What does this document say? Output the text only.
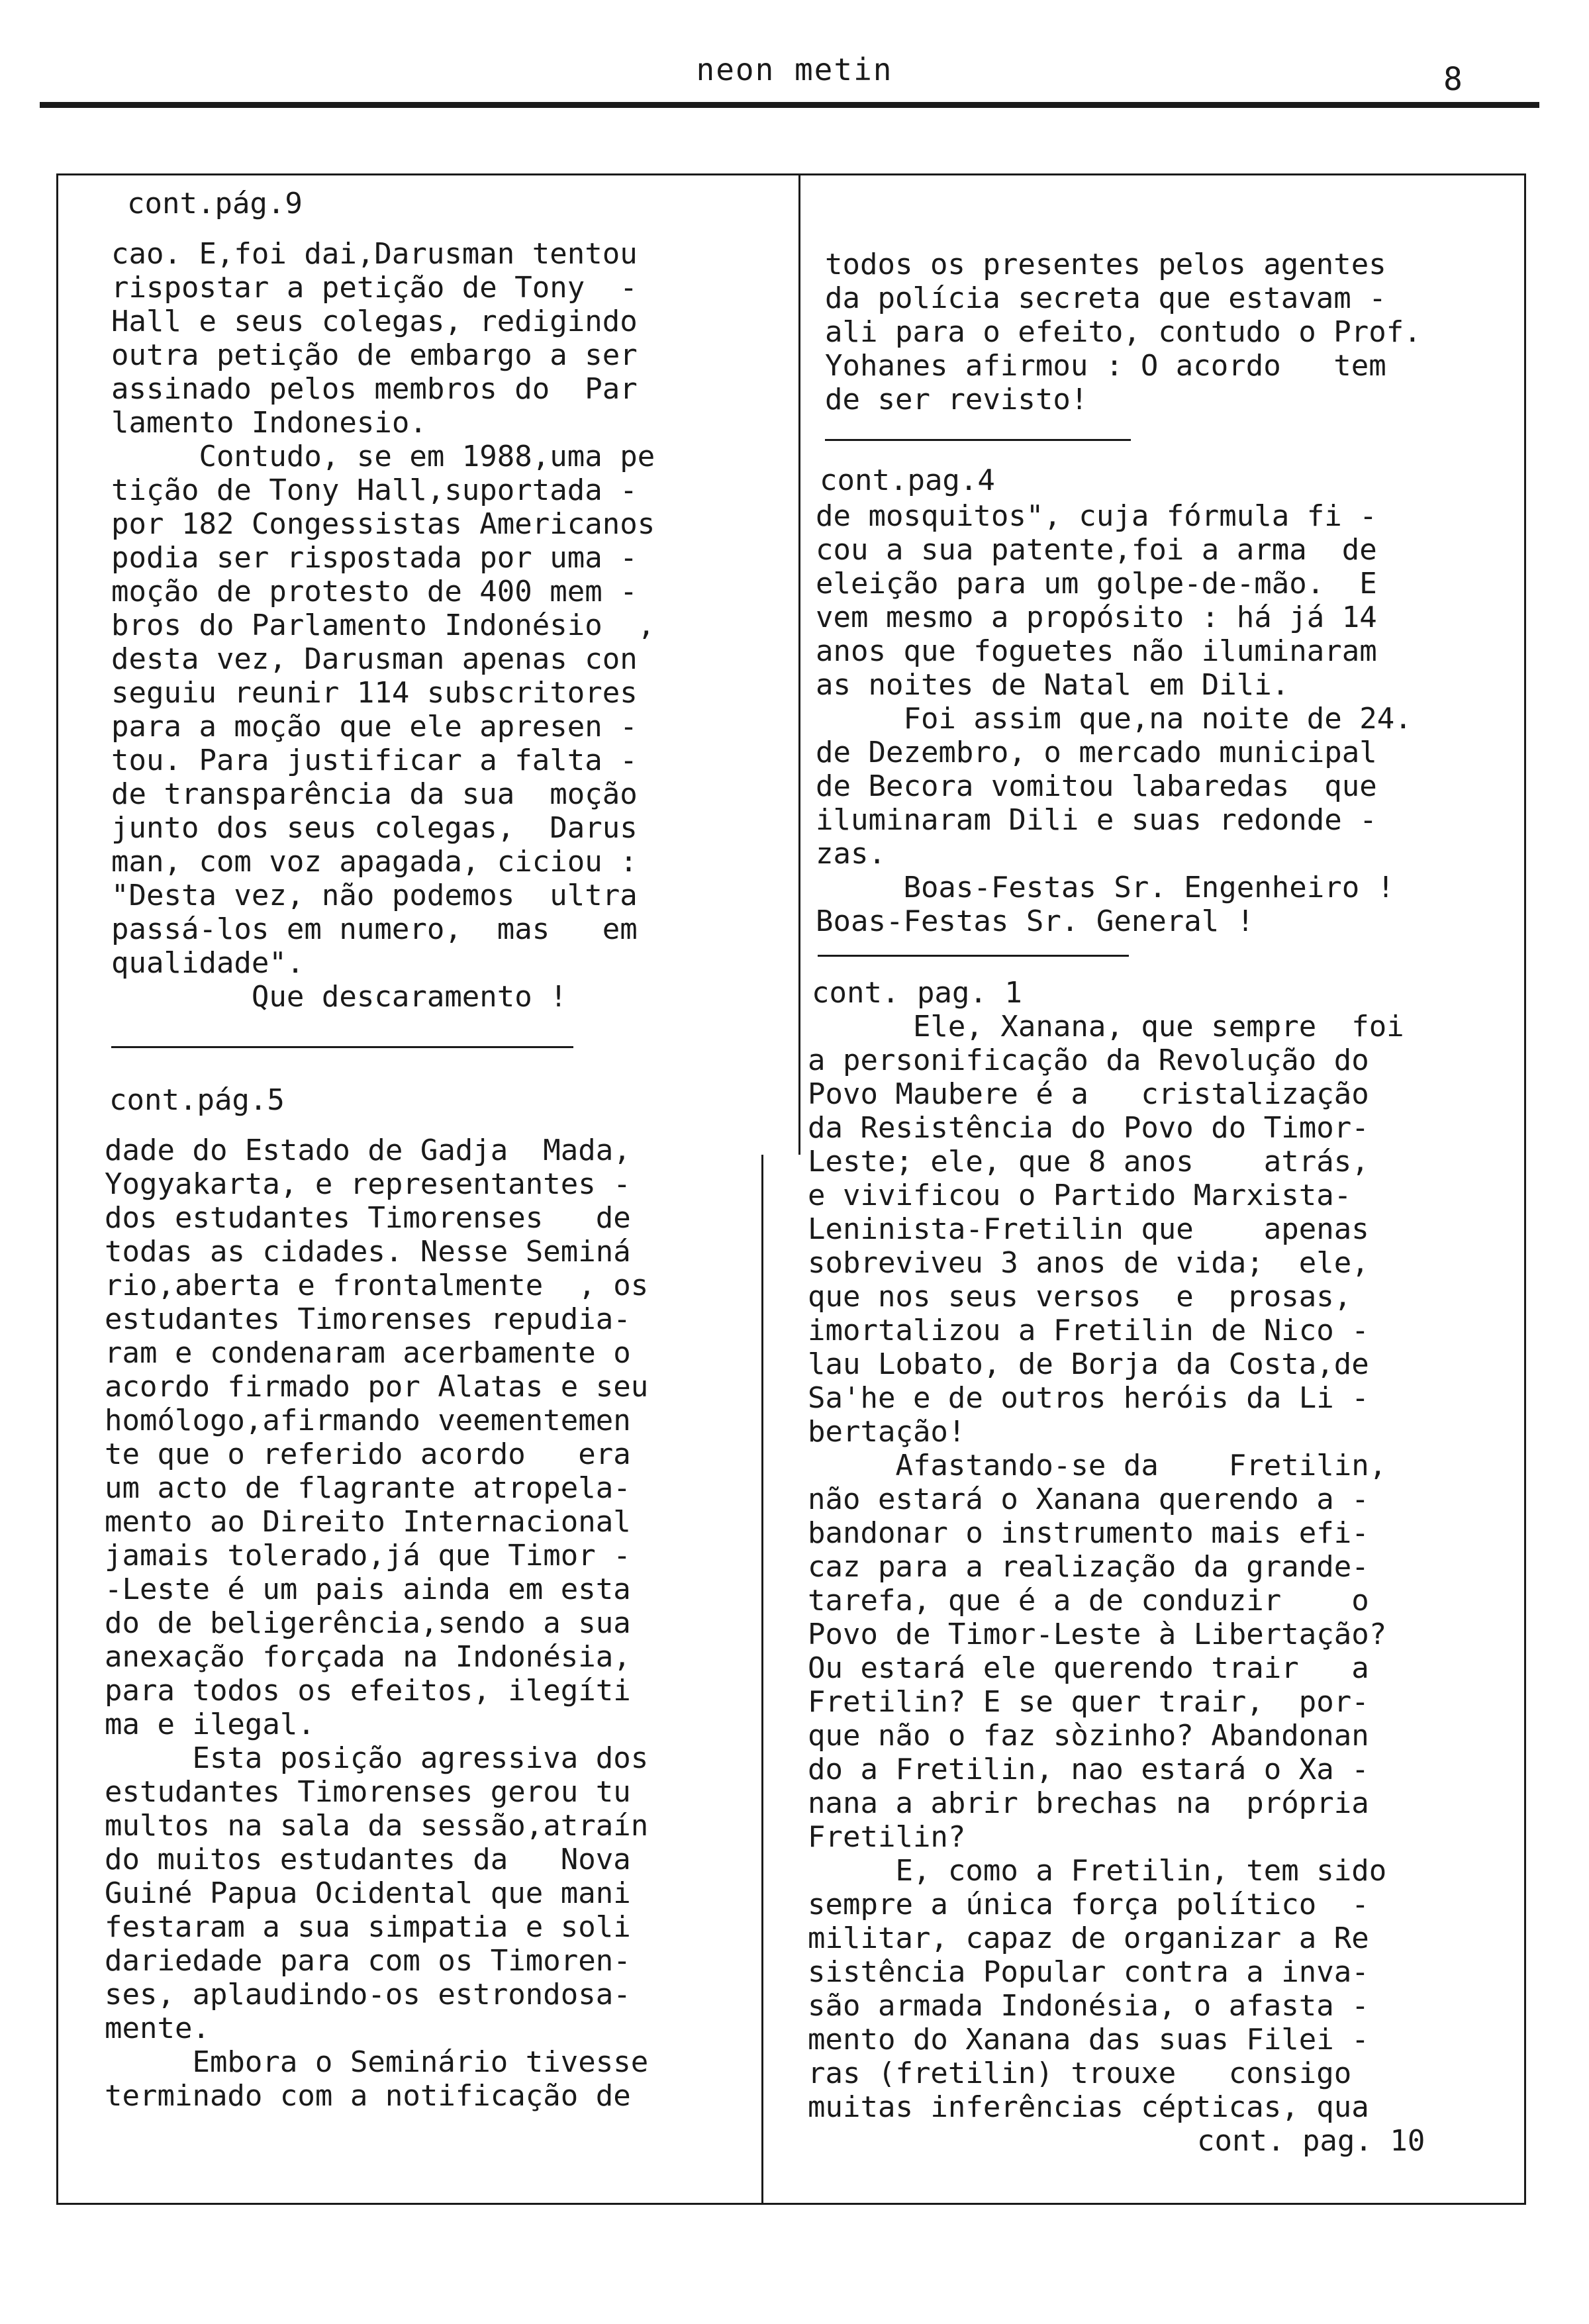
neon metin	8
cont.pág.9
cao. E,foi dai,Darusman tentou
rispostar a petição de Tony  -
Hall e seus colegas, redigindo
outra petição de embargo a ser
assinado pelos membros do  Par
lamento Indonesio.
Contudo, se em 1988,uma pe
tição de Tony Hall,suportada -
por 182 Congessistas Americanos
podia ser rispostada por uma -
moção de protesto de 400 mem -
bros do Parlamento Indonésio  ,
desta vez, Darusman apenas con
seguiu reunir 114 subscritores
para a moção que ele apresen -
tou. Para justificar a falta -
de transparência da sua  moção
junto dos seus colegas,  Darus
man, com voz apagada, ciciou :
"Desta vez, não podemos  ultra
passá-los em numero,  mas   em
qualidade".
Que descaramento !
cont.pág.5
dade do Estado de Gadja  Mada,
Yogyakarta, e representantes -
dos estudantes Timorenses   de
todas as cidades. Nesse Seminá
rio,aberta e frontalmente  , os
estudantes Timorenses repudia-
ram e condenaram acerbamente o
acordo firmado por Alatas e seu
homólogo,afirmando veementemen
te que o referido acordo   era
um acto de flagrante atropela-
mento ao Direito Internacional
jamais tolerado,já que Timor -
-Leste é um pais ainda em esta
do de beligerência,sendo a sua
anexação forçada na Indonésia,
para todos os efeitos, ilegíti
ma e ilegal.
Esta posição agressiva dos
estudantes Timorenses gerou tu
multos na sala da sessão,atraín
do muitos estudantes da   Nova
Guiné Papua Ocidental que mani
festaram a sua simpatia e soli
dariedade para com os Timoren-
ses, aplaudindo-os estrondosa-
mente.
Embora o Seminário tivesse
terminado com a notificação de
todos os presentes pelos agentes
da polícia secreta que estavam -
ali para o efeito, contudo o Prof.
Yohanes afirmou : O acordo   tem
de ser revisto!
cont.pag.4
de mosquitos", cuja fórmula fi -
cou a sua patente,foi a arma  de
eleição para um golpe-de-mão.  E
vem mesmo a propósito : há já 14
anos que foguetes não iluminaram
as noites de Natal em Dili.
Foi assim que,na noite de 24.
de Dezembro, o mercado municipal
de Becora vomitou labaredas  que
iluminaram Dili e suas redonde -
zas.
Boas-Festas Sr. Engenheiro !
Boas-Festas Sr. General !
cont. pag. 1
Ele, Xanana, que sempre  foi
a personificação da Revolução do
Povo Maubere é a   cristalização
da Resistência do Povo do Timor-
Leste; ele, que 8 anos    atrás,
e vivificou o Partido Marxista-
Leninista-Fretilin que    apenas
sobreviveu 3 anos de vida;  ele,
que nos seus versos  e  prosas,
imortalizou a Fretilin de Nico -
lau Lobato, de Borja da Costa,de
Sa'he e de outros heróis da Li -
bertação!
Afastando-se da    Fretilin,
não estará o Xanana querendo a -
bandonar o instrumento mais efi-
caz para a realização da grande-
tarefa, que é a de conduzir    o
Povo de Timor-Leste à Libertação?
Ou estará ele querendo trair   a
Fretilin? E se quer trair,  por-
que não o faz sòzinho? Abandonan
do a Fretilin, nao estará o Xa -
nana a abrir brechas na  própria
Fretilin?
E, como a Fretilin, tem sido
sempre a única força político  -
militar, capaz de organizar a Re
sistência Popular contra a inva-
são armada Indonésia, o afasta -
mento do Xanana das suas Filei -
ras (fretilin) trouxe   consigo
muitas inferências cépticas, qua
cont. pag. 10
